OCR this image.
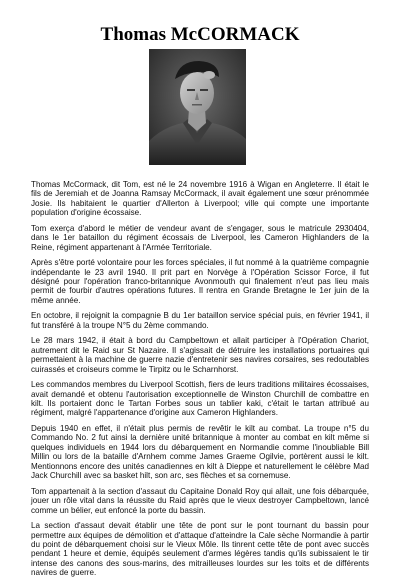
Thomas McCORMACK

Thomas McCormack, dit Tom, est né le 24 novembre 1916 à Wigan en Angleterre. Il était le fils de Jeremiah et de Joanna Ramsay McCormack, il avait également une sœur prénommée Josie. Ils habitaient le quartier d'Allerton à Liverpool; ville qui compte une importante population d'origine écossaise.

Tom exerça d'abord le métier de vendeur avant de s'engager, sous le matricule 2930404, dans le 1er bataillon du régiment écossais de Liverpool, les Cameron Highlanders de la Reine, régiment appartenant à l'Armée Territoriale.

Après s'être porté volontaire pour les forces spéciales, il fut nommé à la quatrième compagnie indépendante le 23 avril 1940. Il prit part en Norvège à l'Opération Scissor Force, il fut désigné pour l'opération franco-britannique Avonmouth qui finalement n'eut pas lieu mais permit de fourbir d'autres opérations futures. Il rentra en Grande Bretagne le 1er juin de la même année.

En octobre, il rejoignit la compagnie B du 1er bataillon service spécial puis, en février 1941, il fut transféré à la troupe N°5 du 2ème commando.

Le 28 mars 1942, il était à bord du Campbeltown et allait participer à l'Opération Chariot, autrement dit le Raid sur St Nazaire. Il s'agissait de détruire les installations portuaires qui permettaient à la machine de guerre nazie d'entretenir ses navires corsaires, ses redoutables cuirassés et croiseurs comme le Tirpitz ou le Scharnhorst.

Les commandos membres du Liverpool Scottish, fiers de leurs traditions militaires écossaises, avait demandé et obtenu l'autorisation exceptionnelle de Winston Churchill de combattre en kilt. Ils portaient donc le Tartan Forbes sous un tablier kaki, c'était le tartan attribué au régiment, malgré l'appartenance d'origine aux Cameron Highlanders.

Depuis 1940 en effet, il n'était plus permis de revêtir le kilt au combat. La troupe n°5 du Commando No. 2 fut ainsi la dernière unité britannique à monter au combat en kilt même si quelques individuels en 1944 lors du débarquement en Normandie comme l'inoubliable Bill Millin ou lors de la bataille d'Arnhem comme James Graeme Ogilvie, portèrent aussi le kilt. Mentionnons encore des unités canadiennes en kilt à Dieppe et naturellement le célèbre Mad Jack Churchill avec sa basket hilt, son arc, ses flèches et sa cornemuse.

Tom appartenait à la section d'assaut du Capitaine Donald Roy qui allait, une fois débarquée, jouer un rôle vital dans la réussite du Raid après que le vieux destroyer Campbeltown, lancé comme un bélier, eut enfoncé la porte du bassin.

La section d'assaut devait établir une tête de pont sur le pont tournant du bassin pour permettre aux équipes de démolition et d'attaque d'atteindre la Cale sèche Normandie à partir du point de débarquement choisi sur le Vieux Môle. Ils tinrent cette tête de pont avec succès pendant 1 heure et demie, équipés seulement d'armes légères tandis qu'ils subissaient le tir intense des canons des sous-marins, des mitrailleuses lourdes sur les toits et de différents navires de guerre.
